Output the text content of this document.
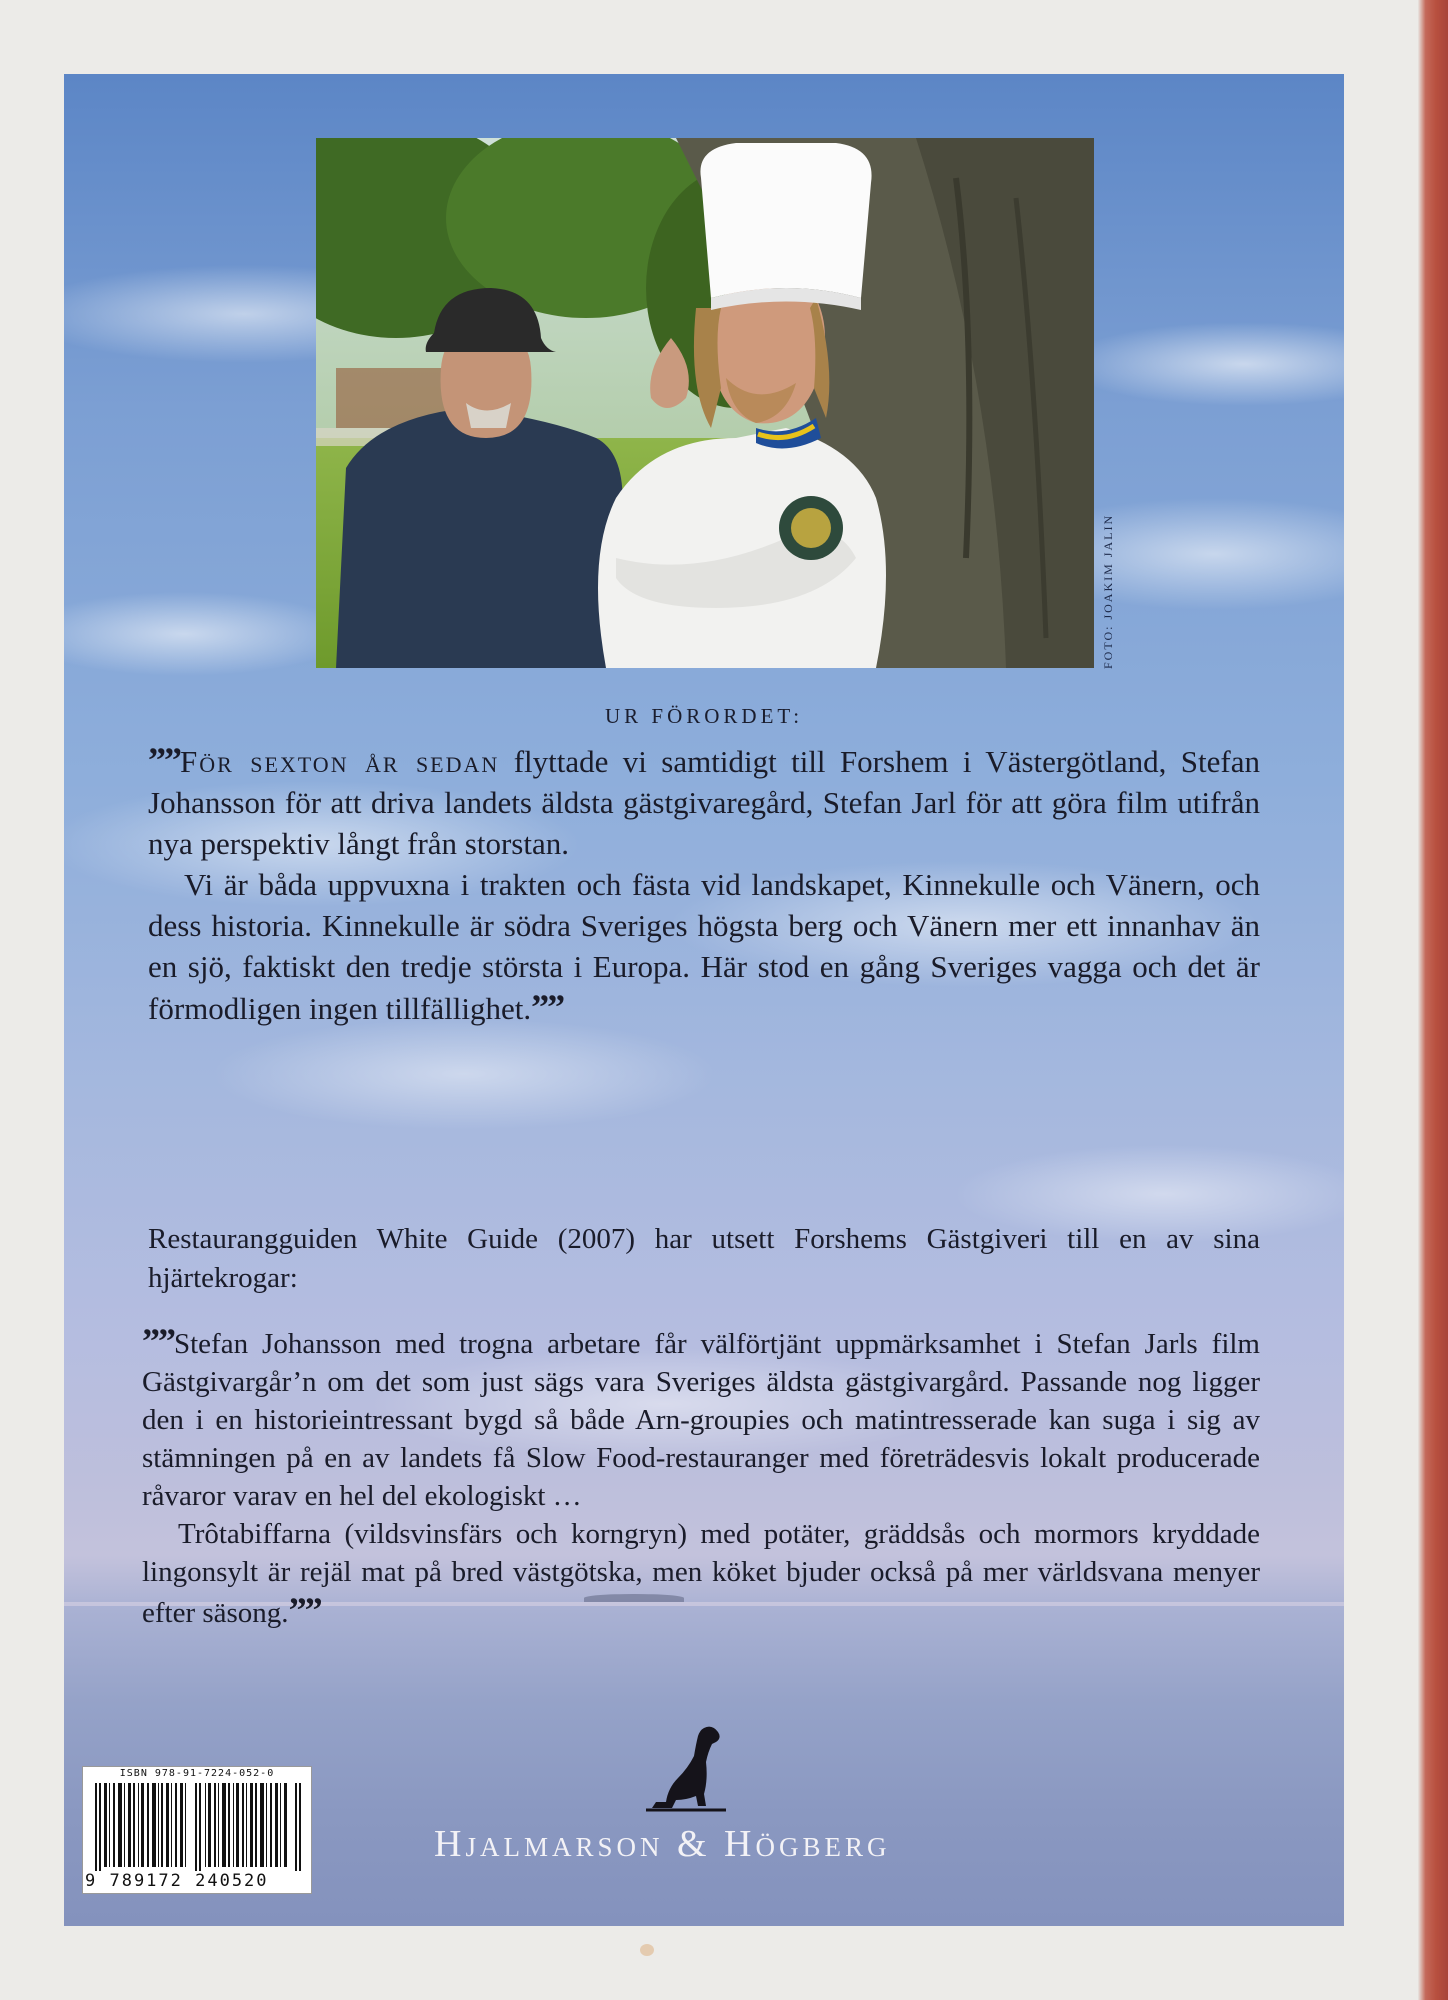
FOTO: JOAKIM JALIN
UR FÖRORDET:

””För sexton år sedan flyttade vi samtidigt till Forshem i Västergötland, Stefan Johansson för att driva landets äldsta gästgivaregård, Stefan Jarl för att göra film utifrån nya perspektiv långt från storstan.

Vi är båda uppvuxna i trakten och fästa vid landskapet, Kinnekulle och Vänern, och dess historia. Kinnekulle är södra Sveriges högsta berg och Vänern mer ett innanhav än en sjö, faktiskt den tredje största i Europa. Här stod en gång Sveriges vagga och det är förmodligen ingen tillfällighet.””

Restaurangguiden White Guide (2007) har utsett Forshems Gästgiveri till en av sina hjärtekrogar:

””Stefan Johansson med trogna arbetare får välförtjänt uppmärksamhet i Stefan Jarls film Gästgivargår’n om det som just sägs vara Sveriges äldsta gästgivargård. Passande nog ligger den i en historieintressant bygd så både Arn-groupies och matintresserade kan suga i sig av stämningen på en av landets få Slow Food-restauranger med företrädesvis lokalt producerade råvaror varav en hel del ekologiskt …

Trôtabiffarna (vildsvinsfärs och korngryn) med potäter, gräddsås och mormors kryddade lingonsylt är rejäl mat på bred västgötska, men köket bjuder också på mer världsvana menyer efter säsong.””

Hjalmarson & Högberg
ISBN 978-91-7224-052-0
9 789172 240520
